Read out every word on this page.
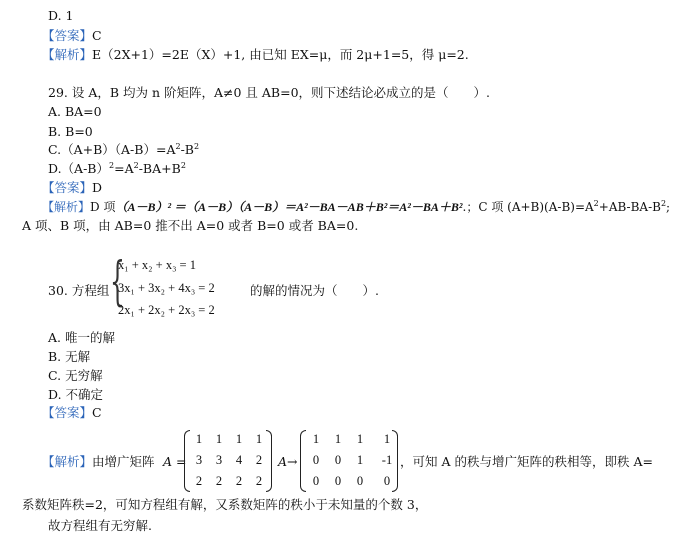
D. 1
【答案】C
【解析】E（2X+1）=2E（X）+1, 由已知 EX=μ，而 2μ+1=5，得 μ=2.
29. 设 A，B 均为 n 阶矩阵，A≠0 且 AB=0，则下述结论必成立的是（　　）.
A. BA=0
B. B=0
$C.(A+B)(A-B)=A^2-B^2$
$D.(A-B)^2=A^2-BA+B^2$
【答案】D
【解析】D 项（A－B）² ＝（A－B）（A－B）＝A²－BA－AB＋B²＝A²－BA＋B².；C 项 $(A+B)(A-B)=A^2+AB-BA-B^2$;
A 项、B 项，由 AB=0 推不出 A=0 或者 B=0 或者 BA=0.
30. 方程组 {
x₁ + x₂ + x₃ = 1
3x₁ + 3x₂ + 4x₃ = 2
2x₁ + 2x₂ + 2x₃ = 2
的解的情况为（　　）.
A. 唯一的解
B. 无解
C. 无穷解
D. 不确定
【答案】C
【解析】由增广矩阵 A =
1	1	1	1
3	3	4	2
2	2	2	2
A→
1	1	1	1
0	0	1	-1
0	0	0	0
，可知 A 的秩与增广矩阵的秩相等，即秩 A=
系数矩阵秩=2，可知方程组有解，又系数矩阵的秩小于未知量的个数 3，
故方程组有无穷解.
